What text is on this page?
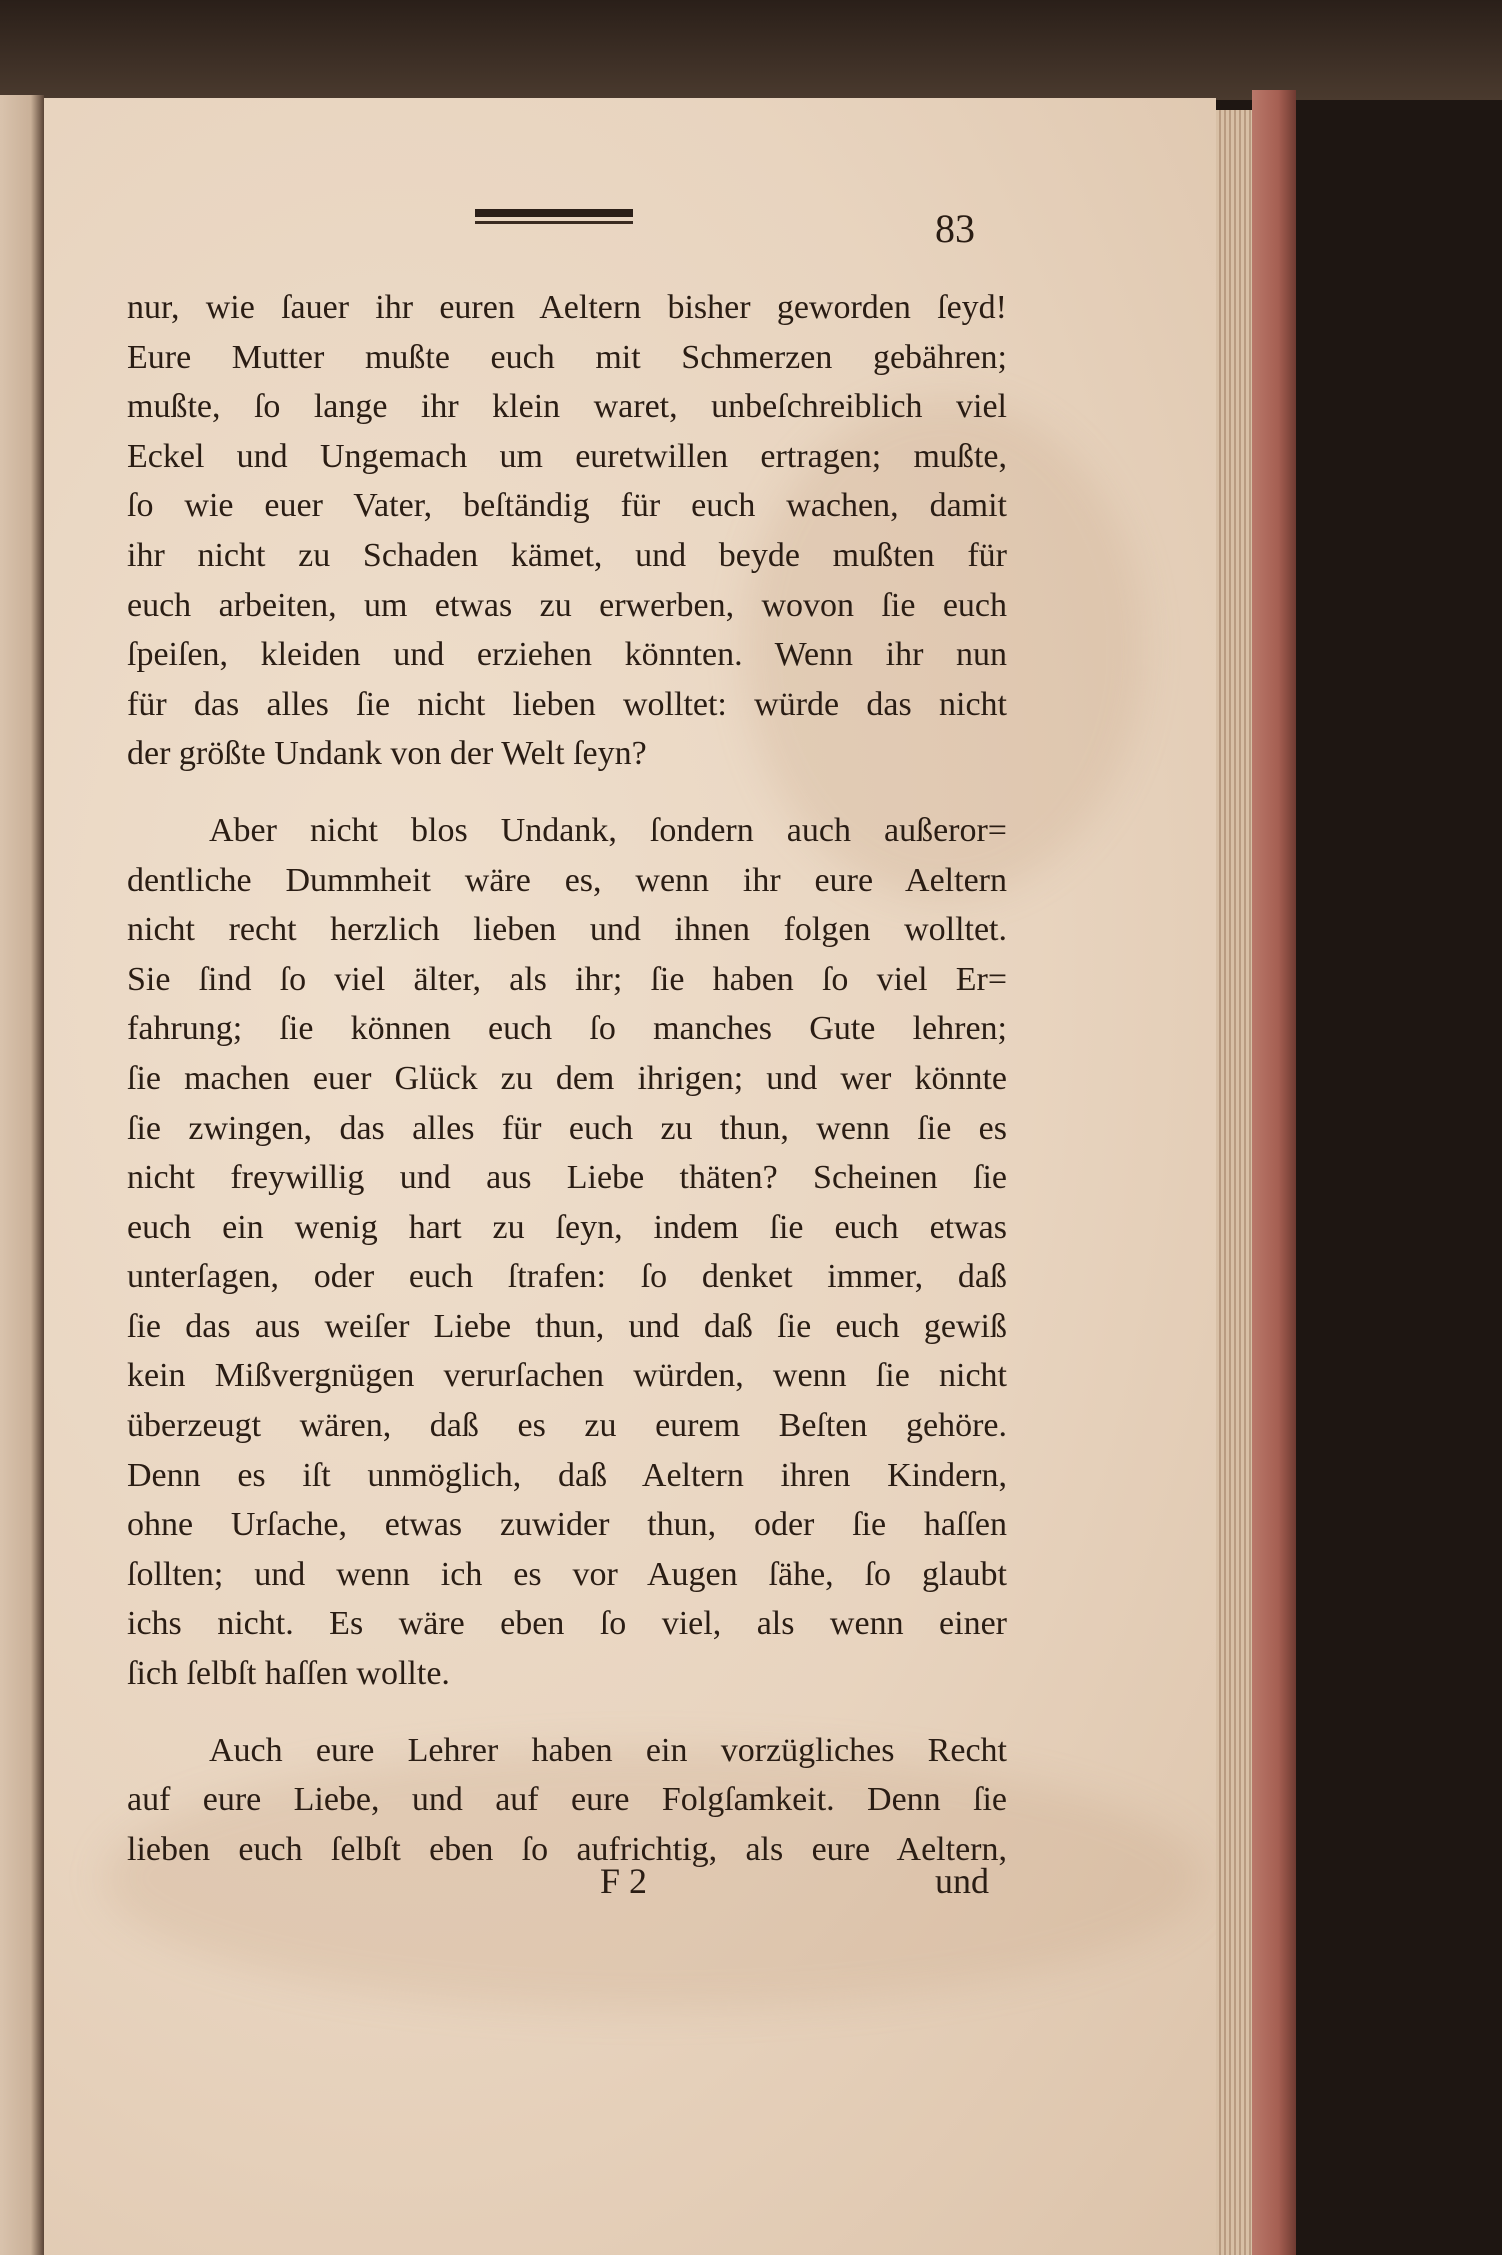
83
nur, wie ſauer ihr euren Aeltern bisher geworden ſeyd!
Eure Mutter mußte euch mit Schmerzen gebähren;
mußte, ſo lange ihr klein waret, unbeſchreiblich viel
Eckel und Ungemach um euretwillen ertragen; mußte,
ſo wie euer Vater, beſtändig für euch wachen, damit
ihr nicht zu Schaden kämet, und beyde mußten für
euch arbeiten, um etwas zu erwerben, wovon ſie euch
ſpeiſen, kleiden und erziehen könnten. Wenn ihr nun
für das alles ſie nicht lieben wolltet: würde das nicht
der größte Undank von der Welt ſeyn?
Aber nicht blos Undank, ſondern auch außeror=
dentliche Dummheit wäre es, wenn ihr eure Aeltern
nicht recht herzlich lieben und ihnen folgen wolltet.
Sie ſind ſo viel älter, als ihr; ſie haben ſo viel Er=
fahrung; ſie können euch ſo manches Gute lehren;
ſie machen euer Glück zu dem ihrigen; und wer könnte
ſie zwingen, das alles für euch zu thun, wenn ſie es
nicht freywillig und aus Liebe thäten? Scheinen ſie
euch ein wenig hart zu ſeyn, indem ſie euch etwas
unterſagen, oder euch ſtrafen: ſo denket immer, daß
ſie das aus weiſer Liebe thun, und daß ſie euch gewiß
kein Mißvergnügen verurſachen würden, wenn ſie nicht
überzeugt wären, daß es zu eurem Beſten gehöre.
Denn es iſt unmöglich, daß Aeltern ihren Kindern,
ohne Urſache, etwas zuwider thun, oder ſie haſſen
ſollten; und wenn ich es vor Augen ſähe, ſo glaubt
ichs nicht. Es wäre eben ſo viel, als wenn einer
ſich ſelbſt haſſen wollte.
Auch eure Lehrer haben ein vorzügliches Recht
auf eure Liebe, und auf eure Folgſamkeit. Denn ſie
lieben euch ſelbſt eben ſo aufrichtig, als eure Aeltern,
F 2	und
